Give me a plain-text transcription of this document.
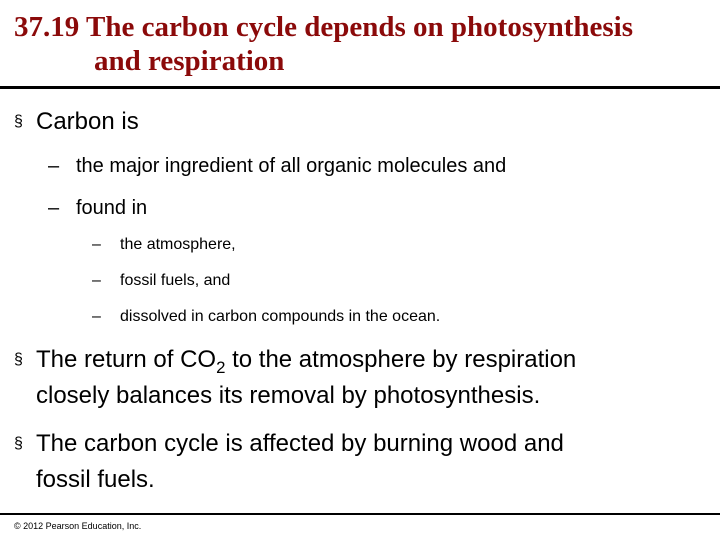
37.19 The carbon cycle depends on photosynthesis
and respiration
§ Carbon is
– the major ingredient of all organic molecules and
– found in
– the atmosphere,
– fossil fuels, and
– dissolved in carbon compounds in the ocean.
§ The return of $CO_2$ to the atmosphere by respiration
closely balances its removal by photosynthesis.
§ The carbon cycle is affected by burning wood and
fossil fuels.
© 2012 Pearson Education, Inc.
